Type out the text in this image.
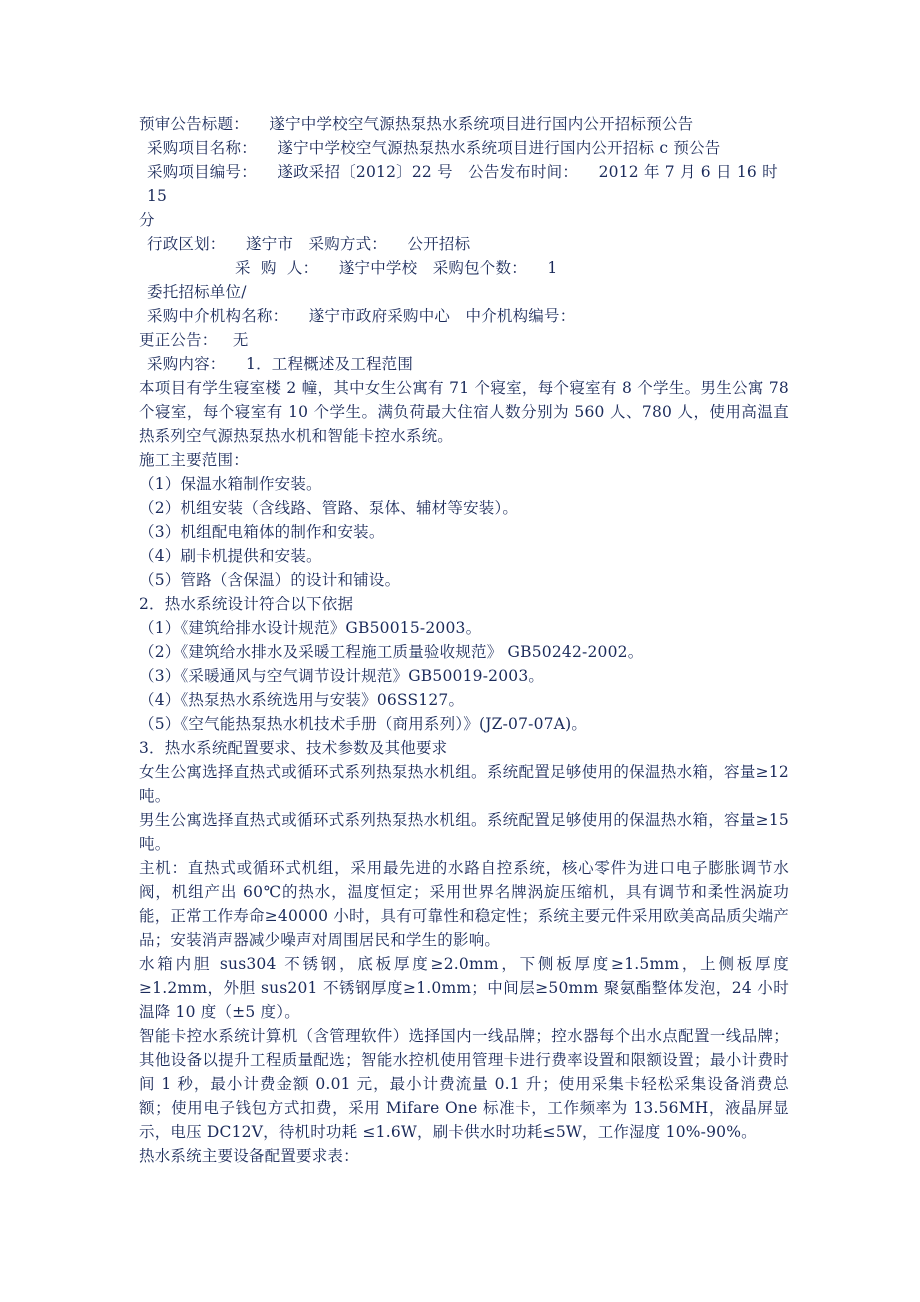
预审公告标题：    遂宁中学校空气源热泵热水系统项目进行国内公开招标预公告

采购项目名称：    遂宁中学校空气源热泵热水系统项目进行国内公开招标 c 预公告

采购项目编号：    遂政采招〔2012〕22 号   公告发布时间：    2012 年 7 月 6 日 16 时 15

分

行政区划：    遂宁市   采购方式：    公开招标

采  购  人：    遂宁中学校   采购包个数：    1

委托招标单位/

采购中介机构名称：    遂宁市政府采购中心   中介机构编号：

更正公告：   无

采购内容：    1．工程概述及工程范围

本项目有学生寝室楼 2 幢，其中女生公寓有 71 个寝室，每个寝室有 8 个学生。男生公寓 78 个寝室，每个寝室有 10 个学生。满负荷最大住宿人数分别为 560 人、780 人，使用高温直热系列空气源热泵热水机和智能卡控水系统。

施工主要范围：

（1）保温水箱制作安装。

（2）机组安装（含线路、管路、泵体、辅材等安装）。

（3）机组配电箱体的制作和安装。

（4）刷卡机提供和安装。

（5）管路（含保温）的设计和铺设。

2．热水系统设计符合以下依据

（1）《建筑给排水设计规范》GB50015-2003。

（2）《建筑给水排水及采暖工程施工质量验收规范》 GB50242-2002。

（3）《采暖通风与空气调节设计规范》GB50019-2003。

（4）《热泵热水系统选用与安装》06SS127。

（5）《空气能热泵热水机技术手册（商用系列）》(JZ-07-07A)。

3．热水系统配置要求、技术参数及其他要求

女生公寓选择直热式或循环式系列热泵热水机组。系统配置足够使用的保温热水箱，容量≥12 吨。

男生公寓选择直热式或循环式系列热泵热水机组。系统配置足够使用的保温热水箱，容量≥15 吨。

主机：直热式或循环式机组，采用最先进的水路自控系统，核心零件为进口电子膨胀调节水阀，机组产出 60℃的热水，温度恒定；采用世界名牌涡旋压缩机，具有调节和柔性涡旋功能，正常工作寿命≥40000 小时，具有可靠性和稳定性；系统主要元件采用欧美高品质尖端产品；安装消声器减少噪声对周围居民和学生的影响。

水箱内胆 sus304 不锈钢，底板厚度≥2.0mm，下侧板厚度≥1.5mm，上侧板厚度≥1.2mm，外胆 sus201 不锈钢厚度≥1.0mm；中间层≥50mm 聚氨酯整体发泡，24 小时温降 10 度（±5 度）。

智能卡控水系统计算机（含管理软件）选择国内一线品牌；控水器每个出水点配置一线品牌；其他设备以提升工程质量配选；智能水控机使用管理卡进行费率设置和限额设置；最小计费时间 1 秒，最小计费金额 0.01 元，最小计费流量 0.1 升；使用采集卡轻松采集设备消费总额；使用电子钱包方式扣费，采用 Mifare One 标准卡，工作频率为 13.56MH，液晶屏显示，电压 DC12V，待机时功耗 ≤1.6W，刷卡供水时功耗≤5W，工作湿度 10%-90%。

热水系统主要设备配置要求表：
